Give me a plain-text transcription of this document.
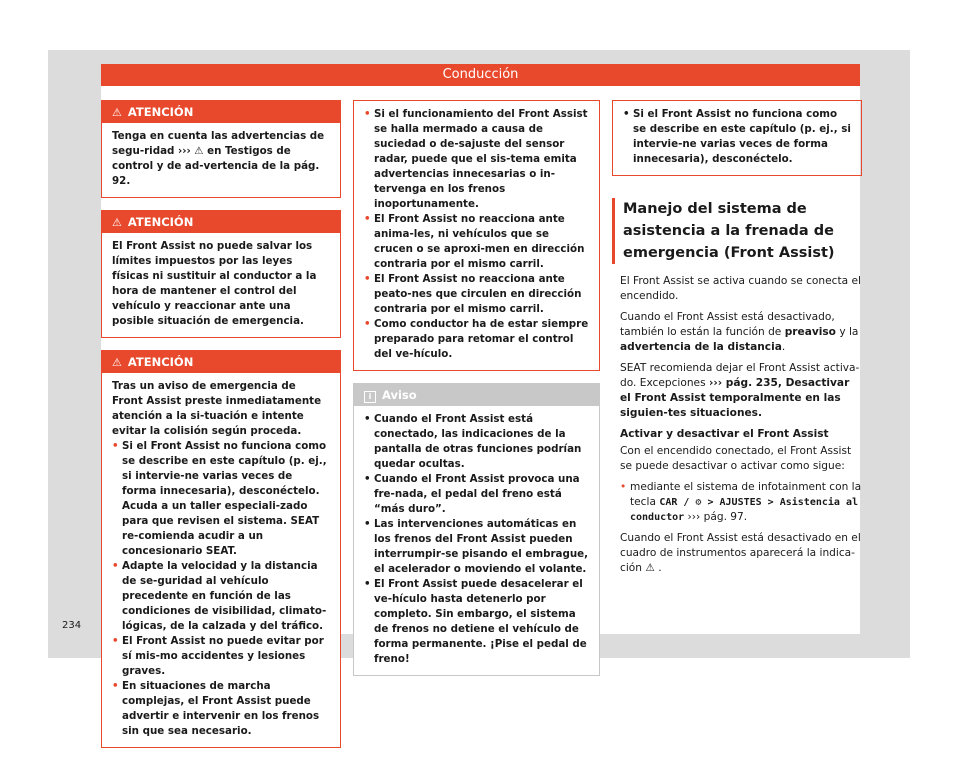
Conducción
⚠ ATENCIÓN

Tenga en cuenta las advertencias de segu-ridad ››› ⚠ en Testigos de control y de ad-vertencia de la pág. 92.

⚠ ATENCIÓN

El Front Assist no puede salvar los límites impuestos por las leyes físicas ni sustituir al conductor a la hora de mantener el control del vehículo y reaccionar ante una posible situación de emergencia.

⚠ ATENCIÓN

Tras un aviso de emergencia de Front Assist preste inmediatamente atención a la si-tuación e intente evitar la colisión según proceda.

• Si el Front Assist no funciona como se describe en este capítulo (p. ej., si intervie-ne varias veces de forma innecesaria), desconéctelo. Acuda a un taller especiali-zado para que revisen el sistema. SEAT re-comienda acudir a un concesionario SEAT.

• Adapte la velocidad y la distancia de se-guridad al vehículo precedente en función de las condiciones de visibilidad, climato-lógicas, de la calzada y del tráfico.

• El Front Assist no puede evitar por sí mis-mo accidentes y lesiones graves.

• En situaciones de marcha complejas, el Front Assist puede advertir e intervenir en los frenos sin que sea necesario.

• Si el funcionamiento del Front Assist se halla mermado a causa de suciedad o de-sajuste del sensor radar, puede que el sis-tema emita advertencias innecesarias o in-tervenga en los frenos inoportunamente.

• El Front Assist no reacciona ante anima-les, ni vehículos que se crucen o se aproxi-men en dirección contraria por el mismo carril.

• El Front Assist no reacciona ante peato-nes que circulen en dirección contraria por el mismo carril.

• Como conductor ha de estar siempre preparado para retomar el control del ve-hículo.

i Aviso

• Cuando el Front Assist está conectado, las indicaciones de la pantalla de otras funciones podrían quedar ocultas.

• Cuando el Front Assist provoca una fre-nada, el pedal del freno está “más duro”.

• Las intervenciones automáticas en los frenos del Front Assist pueden interrumpir-se pisando el embrague, el acelerador o moviendo el volante.

• El Front Assist puede desacelerar el ve-hículo hasta detenerlo por completo. Sin embargo, el sistema de frenos no detiene el vehículo de forma permanente. ¡Pise el pedal de freno!

• Si el Front Assist no funciona como se describe en este capítulo (p. ej., si intervie-ne varias veces de forma innecesaria), desconéctelo.

Manejo del sistema de asistencia a la frenada de emergencia (Front Assist)

El Front Assist se activa cuando se conecta el encendido.

Cuando el Front Assist está desactivado, también lo están la función de preaviso y la advertencia de la distancia.

SEAT recomienda dejar el Front Assist activa-do. Excepciones ››› pág. 235, Desactivar el Front Assist temporalmente en las siguien-tes situaciones.

Activar y desactivar el Front Assist

Con el encendido conectado, el Front Assist se puede desactivar o activar como sigue:

• mediante el sistema de infotainment con la tecla CAR / ⚙ > AJUSTES > Asistencia al conductor ››› pág. 97.

Cuando el Front Assist está desactivado en el cuadro de instrumentos aparecerá la indica-ción ⚠ .

234
